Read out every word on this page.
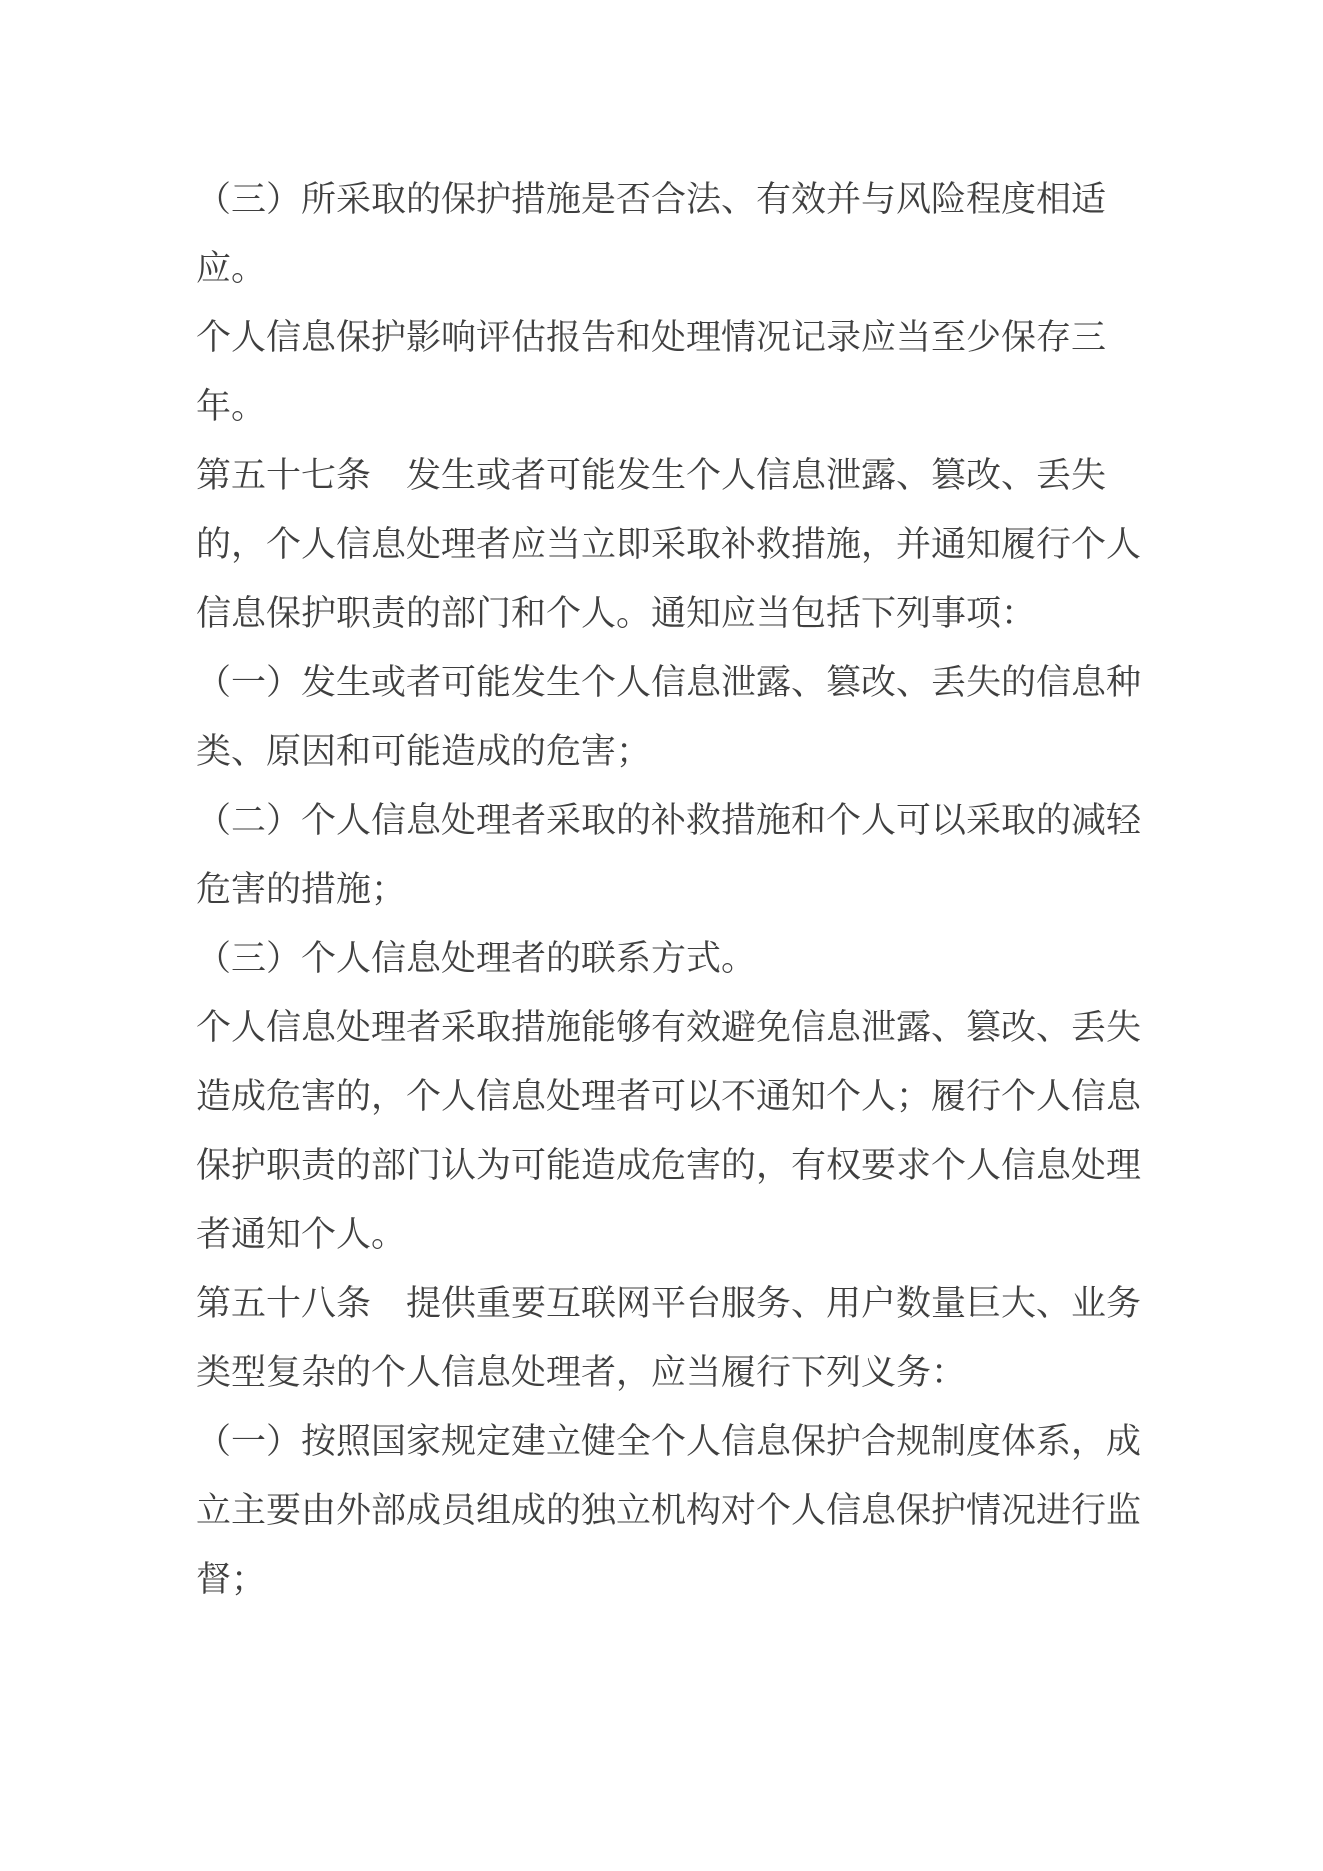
（三）所采取的保护措施是否合法、有效并与风险程度相适
应。
个人信息保护影响评估报告和处理情况记录应当至少保存三
年。
第五十七条　发生或者可能发生个人信息泄露、篡改、丢失
的，个人信息处理者应当立即采取补救措施，并通知履行个人
信息保护职责的部门和个人。通知应当包括下列事项：
（一）发生或者可能发生个人信息泄露、篡改、丢失的信息种
类、原因和可能造成的危害；
（二）个人信息处理者采取的补救措施和个人可以采取的减轻
危害的措施；
（三）个人信息处理者的联系方式。
个人信息处理者采取措施能够有效避免信息泄露、篡改、丢失
造成危害的，个人信息处理者可以不通知个人；履行个人信息
保护职责的部门认为可能造成危害的，有权要求个人信息处理
者通知个人。
第五十八条　提供重要互联网平台服务、用户数量巨大、业务
类型复杂的个人信息处理者，应当履行下列义务：
（一）按照国家规定建立健全个人信息保护合规制度体系，成
立主要由外部成员组成的独立机构对个人信息保护情况进行监
督；
